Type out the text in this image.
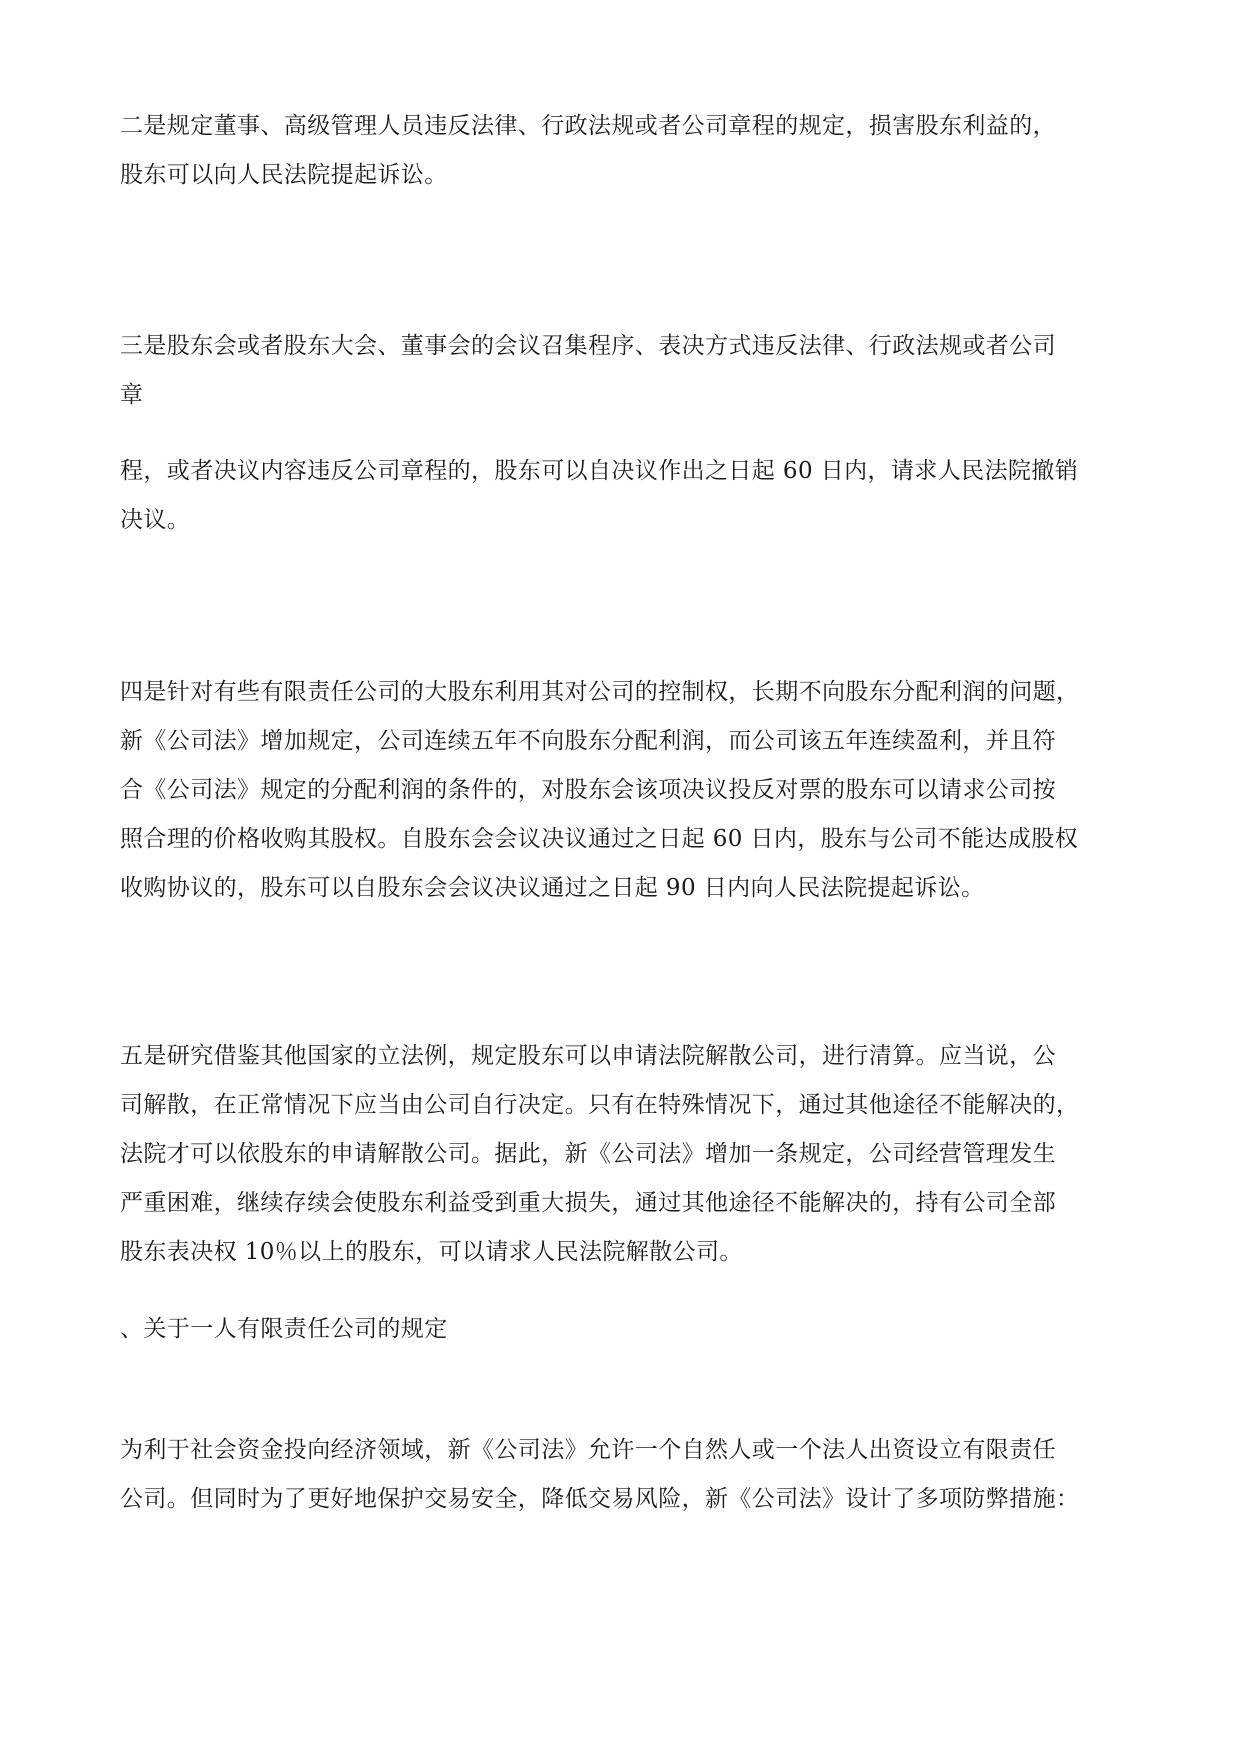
二是规定董事、高级管理人员违反法律、行政法规或者公司章程的规定，损害股东利益的，
股东可以向人民法院提起诉讼。

三是股东会或者股东大会、董事会的会议召集程序、表决方式违反法律、行政法规或者公司
章

程，或者决议内容违反公司章程的，股东可以自决议作出之日起 60 日内，请求人民法院撤销
决议。

四是针对有些有限责任公司的大股东利用其对公司的控制权，长期不向股东分配利润的问题，
新《公司法》增加规定，公司连续五年不向股东分配利润，而公司该五年连续盈利，并且符
合《公司法》规定的分配利润的条件的，对股东会该项决议投反对票的股东可以请求公司按
照合理的价格收购其股权。自股东会会议决议通过之日起 60 日内，股东与公司不能达成股权
收购协议的，股东可以自股东会会议决议通过之日起 90 日内向人民法院提起诉讼。

五是研究借鉴其他国家的立法例，规定股东可以申请法院解散公司，进行清算。应当说，公
司解散，在正常情况下应当由公司自行决定。只有在特殊情况下，通过其他途径不能解决的，
法院才可以依股东的申请解散公司。据此，新《公司法》增加一条规定，公司经营管理发生
严重困难，继续存续会使股东利益受到重大损失，通过其他途径不能解决的，持有公司全部
股东表决权 10％以上的股东，可以请求人民法院解散公司。

、关于一人有限责任公司的规定

为利于社会资金投向经济领域，新《公司法》允许一个自然人或一个法人出资设立有限责任
公司。但同时为了更好地保护交易安全，降低交易风险，新《公司法》设计了多项防弊措施：
